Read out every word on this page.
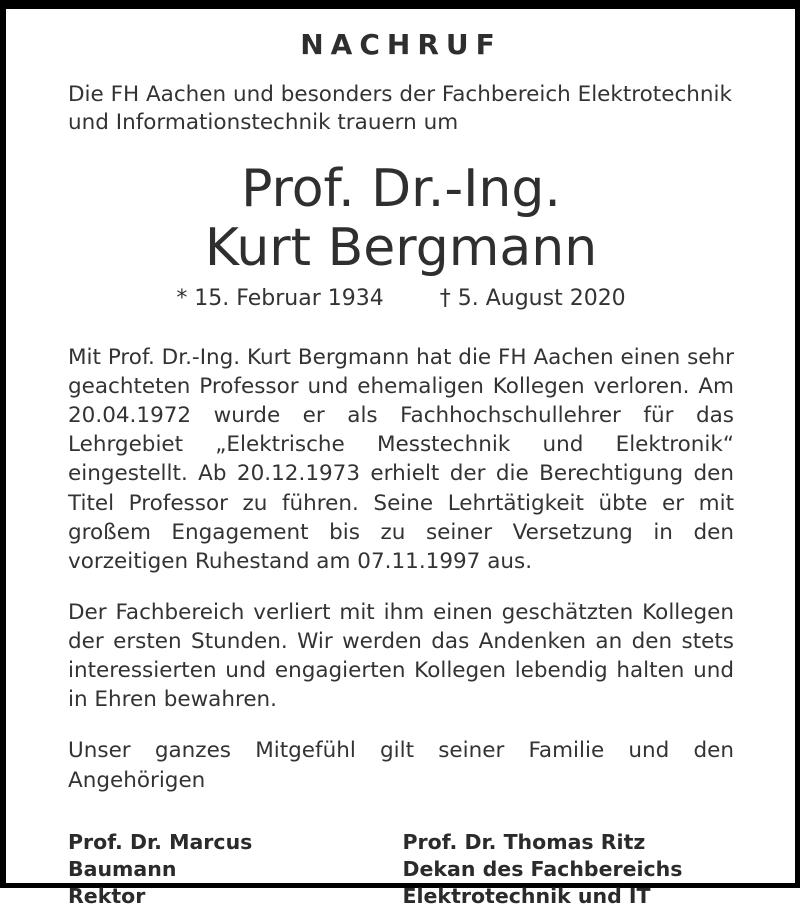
NACHRUF

Die FH Aachen und besonders der Fachbereich Elektrotechnik und Informationstechnik trauern um

Prof. Dr.-Ing.
Kurt Bergmann
* 15. Februar 1934	† 5. August 2020

Mit Prof. Dr.-Ing. Kurt Bergmann hat die FH Aachen einen sehr geachteten Professor und ehemaligen Kollegen verloren. Am 20.04.1972 wurde er als Fachhochschullehrer für das Lehrgebiet „Elektrische Messtechnik und Elektronik“ eingestellt. Ab 20.12.1973 erhielt der die Berechtigung den Titel Professor zu führen. Seine Lehrtätigkeit übte er mit großem Engagement bis zu seiner Versetzung in den vorzeitigen Ruhestand am 07.11.1997 aus.

Der Fachbereich verliert mit ihm einen geschätzten Kollegen der ersten Stunden. Wir werden das Andenken an den stets interessierten und engagierten Kollegen lebendig halten und in Ehren bewahren.

Unser ganzes Mitgefühl gilt seiner Familie und den Angehörigen

Prof. Dr. Marcus
Baumann
Rektor
Prof. Dr. Thomas Ritz
Dekan des Fachbereichs
Elektrotechnik und IT
